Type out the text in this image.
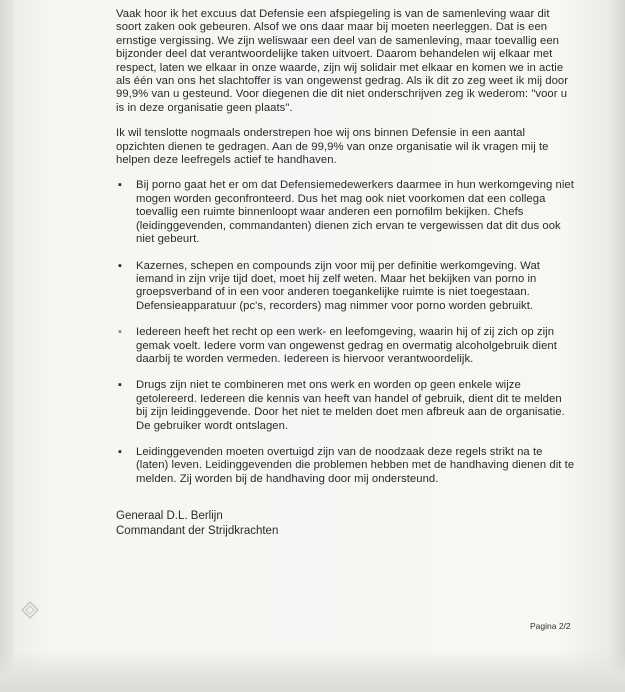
Vaak hoor ik het excuus dat Defensie een afspiegeling is van de samenleving waar dit soort zaken ook gebeuren. Alsof we ons daar maar bij moeten neerleggen. Dat is een ernstige vergissing. We zijn weliswaar een deel van de samenleving, maar toevallig een bijzonder deel dat verantwoordelijke taken uitvoert. Daarom behandelen wij elkaar met respect, laten we elkaar in onze waarde, zijn wij solidair met elkaar en komen we in actie als één van ons het slachtoffer is van ongewenst gedrag. Als ik dit zo zeg weet ik mij door 99,9% van u gesteund. Voor diegenen die dit niet onderschrijven zeg ik wederom: "voor u is in deze organisatie geen plaats".

Ik wil tenslotte nogmaals onderstrepen hoe wij ons binnen Defensie in een aantal opzichten dienen te gedragen. Aan de 99,9% van onze organisatie wil ik vragen mij te helpen deze leefregels actief te handhaven.

▪ Bij porno gaat het er om dat Defensiemedewerkers daarmee in hun werkomgeving niet mogen worden geconfronteerd. Dus het mag ook niet voorkomen dat een collega toevallig een ruimte binnenloopt waar anderen een pornofilm bekijken. Chefs (leidinggevenden, commandanten) dienen zich ervan te vergewissen dat dit dus ook niet gebeurt.
▪ Kazernes, schepen en compounds zijn voor mij per definitie werkomgeving. Wat iemand in zijn vrije tijd doet, moet hij zelf weten. Maar het bekijken van porno in groepsverband of in een voor anderen toegankelijke ruimte is niet toegestaan. Defensieapparatuur (pc's, recorders) mag nimmer voor porno worden gebruikt.
▪ Iedereen heeft het recht op een werk- en leefomgeving, waarin hij of zij zich op zijn gemak voelt. Iedere vorm van ongewenst gedrag en overmatig alcoholgebruik dient daarbij te worden vermeden. Iedereen is hiervoor verantwoordelijk.
▪ Drugs zijn niet te combineren met ons werk en worden op geen enkele wijze getolereerd. Iedereen die kennis van heeft van handel of gebruik, dient dit te melden bij zijn leidinggevende. Door het niet te melden doet men afbreuk aan de organisatie. De gebruiker wordt ontslagen.
▪ Leidinggevenden moeten overtuigd zijn van de noodzaak deze regels strikt na te (laten) leven. Leidinggevenden die problemen hebben met de handhaving dienen dit te melden. Zij worden bij de handhaving door mij ondersteund.
Generaal D.L. Berlijn
Commandant der Strijdkrachten
Pagina 2/2
